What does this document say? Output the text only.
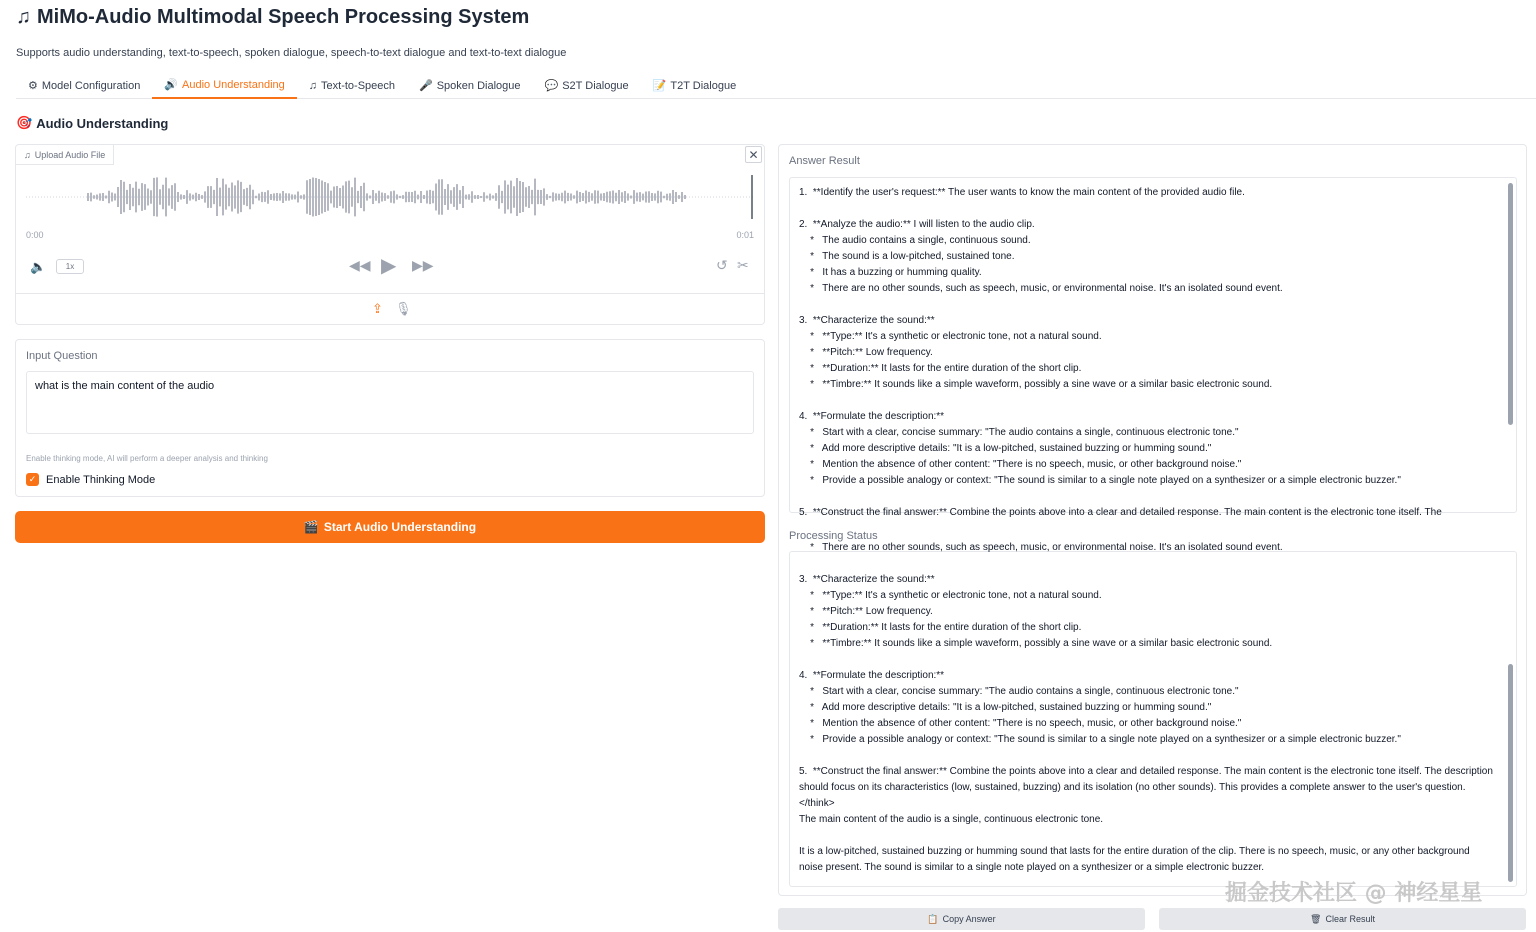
♫ MiMo-Audio Multimodal Speech Processing System
Supports audio understanding, text-to-speech, spoken dialogue, speech-to-text dialogue and text-to-text dialogue
⚙ Model Configuration 🔊 Audio Understanding ♫ Text-to-Speech 🎤 Spoken Dialogue 💬 S2T Dialogue 📝 T2T Dialogue
🎯 Audio Understanding
♫ Upload Audio File	✕
0:00	0:01
🔈	1x	◀◀ ▶ ▶▶	↺ ✂
⇪ 🎙
Input Question
what is the main content of the audio
Enable thinking mode, AI will perform a deeper analysis and thinking
✓ Enable Thinking Mode
🎬 Start Audio Understanding
Answer Result
1.  **Identify the user's request:** The user wants to know the main content of the provided audio file.

2.  **Analyze the audio:** I will listen to the audio clip.
*   The audio contains a single, continuous sound.
*   The sound is a low-pitched, sustained tone.
*   It has a buzzing or humming quality.
*   There are no other sounds, such as speech, music, or environmental noise. It's an isolated sound event.

3.  **Characterize the sound:**
*   **Type:** It's a synthetic or electronic tone, not a natural sound.
*   **Pitch:** Low frequency.
*   **Duration:** It lasts for the entire duration of the short clip.
*   **Timbre:** It sounds like a simple waveform, possibly a sine wave or a similar basic electronic sound.

4.  **Formulate the description:**
*   Start with a clear, concise summary: "The audio contains a single, continuous electronic tone."
*   Add more descriptive details: "It is a low-pitched, sustained buzzing or humming sound."
*   Mention the absence of other content: "There is no speech, music, or other background noise."
*   Provide a possible analogy or context: "The sound is similar to a single note played on a synthesizer or a simple electronic buzzer."

5.  **Construct the final answer:** Combine the points above into a clear and detailed response. The main content is the electronic tone itself. The
Processing Status
*   There are no other sounds, such as speech, music, or environmental noise. It's an isolated sound event.

3.  **Characterize the sound:**
*   **Type:** It's a synthetic or electronic tone, not a natural sound.
*   **Pitch:** Low frequency.
*   **Duration:** It lasts for the entire duration of the short clip.
*   **Timbre:** It sounds like a simple waveform, possibly a sine wave or a similar basic electronic sound.

4.  **Formulate the description:**
*   Start with a clear, concise summary: "The audio contains a single, continuous electronic tone."
*   Add more descriptive details: "It is a low-pitched, sustained buzzing or humming sound."
*   Mention the absence of other content: "There is no speech, music, or other background noise."
*   Provide a possible analogy or context: "The sound is similar to a single note played on a synthesizer or a simple electronic buzzer."

5.  **Construct the final answer:** Combine the points above into a clear and detailed response. The main content is the electronic tone itself. The description should focus on its characteristics (low, sustained, buzzing) and its isolation (no other sounds). This provides a complete answer to the user's question. </think>
The main content of the audio is a single, continuous electronic tone.

It is a low-pitched, sustained buzzing or humming sound that lasts for the entire duration of the clip. There is no speech, music, or any other background noise present. The sound is similar to a single note played on a synthesizer or a simple electronic buzzer.
📋 Copy Answer	🗑 Clear Result
掘金技术社区 @ 神经星星
